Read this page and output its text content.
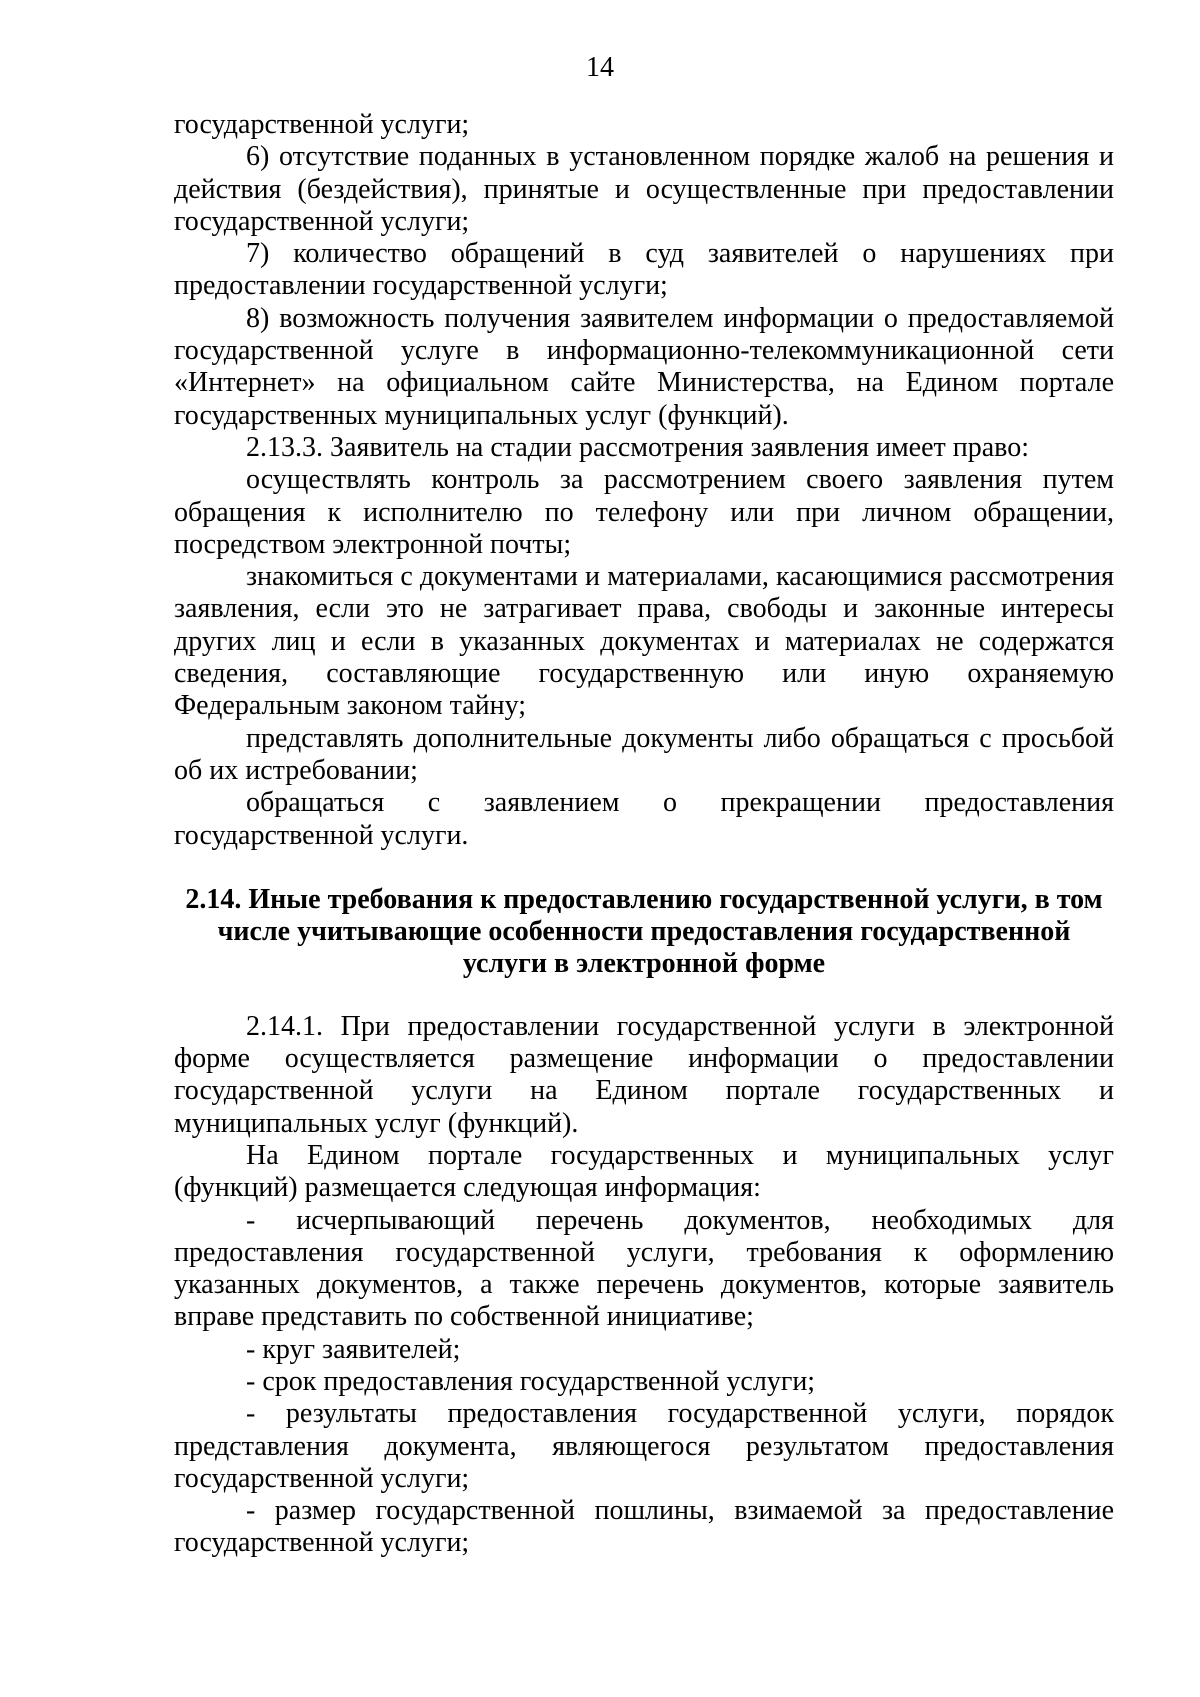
14

государственной услуги;

6) отсутствие поданных в установленном порядке жалоб на решения и действия (бездействия), принятые и осуществленные при предоставлении государственной услуги;

7) количество обращений в суд заявителей о нарушениях при предоставлении государственной услуги;

8) возможность получения заявителем информации о предоставляемой государственной услуге в информационно-телекоммуникационной сети «Интернет» на официальном сайте Министерства, на Едином портале государственных муниципальных услуг (функций).

2.13.3. Заявитель на стадии рассмотрения заявления имеет право:

осуществлять контроль за рассмотрением своего заявления путем обращения к исполнителю по телефону или при личном обращении, посредством электронной почты;

знакомиться с документами и материалами, касающимися рассмотрения заявления, если это не затрагивает права, свободы и законные интересы других лиц и если в указанных документах и материалах не содержатся сведения, составляющие государственную или иную охраняемую Федеральным законом тайну;

представлять дополнительные документы либо обращаться с просьбой об их истребовании;

обращаться с заявлением о прекращении предоставления государственной услуги.

2.14. Иные требования к предоставлению государственной услуги, в том
числе учитывающие особенности предоставления государственной
услуги в электронной форме

2.14.1. При предоставлении государственной услуги в электронной форме осуществляется размещение информации о предоставлении государственной услуги на Едином портале государственных и муниципальных услуг (функций).

На Едином портале государственных и муниципальных услуг (функций) размещается следующая информация:

- исчерпывающий перечень документов, необходимых для предоставления государственной услуги, требования к оформлению указанных документов, а также перечень документов, которые заявитель вправе представить по собственной инициативе;

- круг заявителей;

- срок предоставления государственной услуги;

- результаты предоставления государственной услуги, порядок представления документа, являющегося результатом предоставления государственной услуги;

- размер государственной пошлины, взимаемой за предоставление государственной услуги;
